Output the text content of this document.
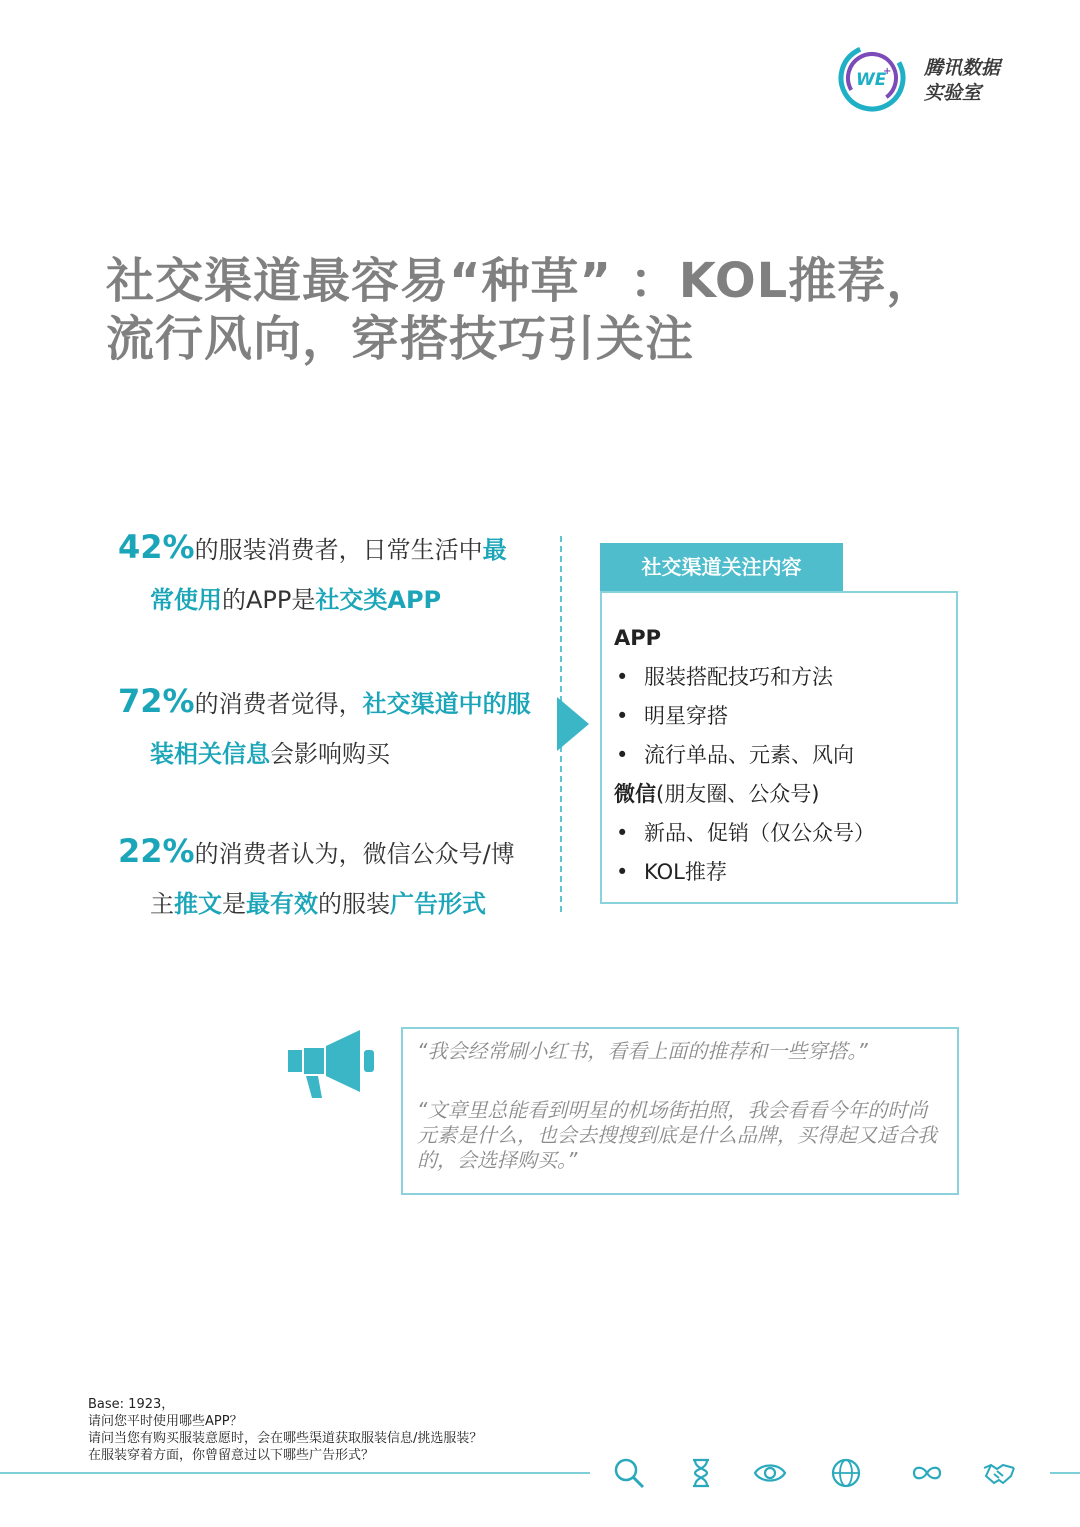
WE
+ 腾讯数据
实验室
社交渠道最容易“种草” ：KOL推荐，
流行风向，穿搭技巧引关注
42%的服装消费者，日常生活中最
常使用的APP是社交类APP
72%的消费者觉得，社交渠道中的服
装相关信息会影响购买
22%的消费者认为，微信公众号/博
主推文是最有效的服装广告形式
社交渠道关注内容
APP
• 服装搭配技巧和方法
• 明星穿搭
• 流行单品、元素、风向
微信(朋友圈、公众号)
• 新品、促销（仅公众号）
• KOL推荐
“我会经常刷小红书，看看上面的推荐和一些穿搭。”
“文章里总能看到明星的机场街拍照，我会看看今年的时尚元素是什么，也会去搜搜到底是什么品牌，买得起又适合我的，会选择购买。”
Base: 1923，
请问您平时使用哪些APP？
请问当您有购买服装意愿时，会在哪些渠道获取服装信息/挑选服装？
在服装穿着方面，你曾留意过以下哪些广告形式？
